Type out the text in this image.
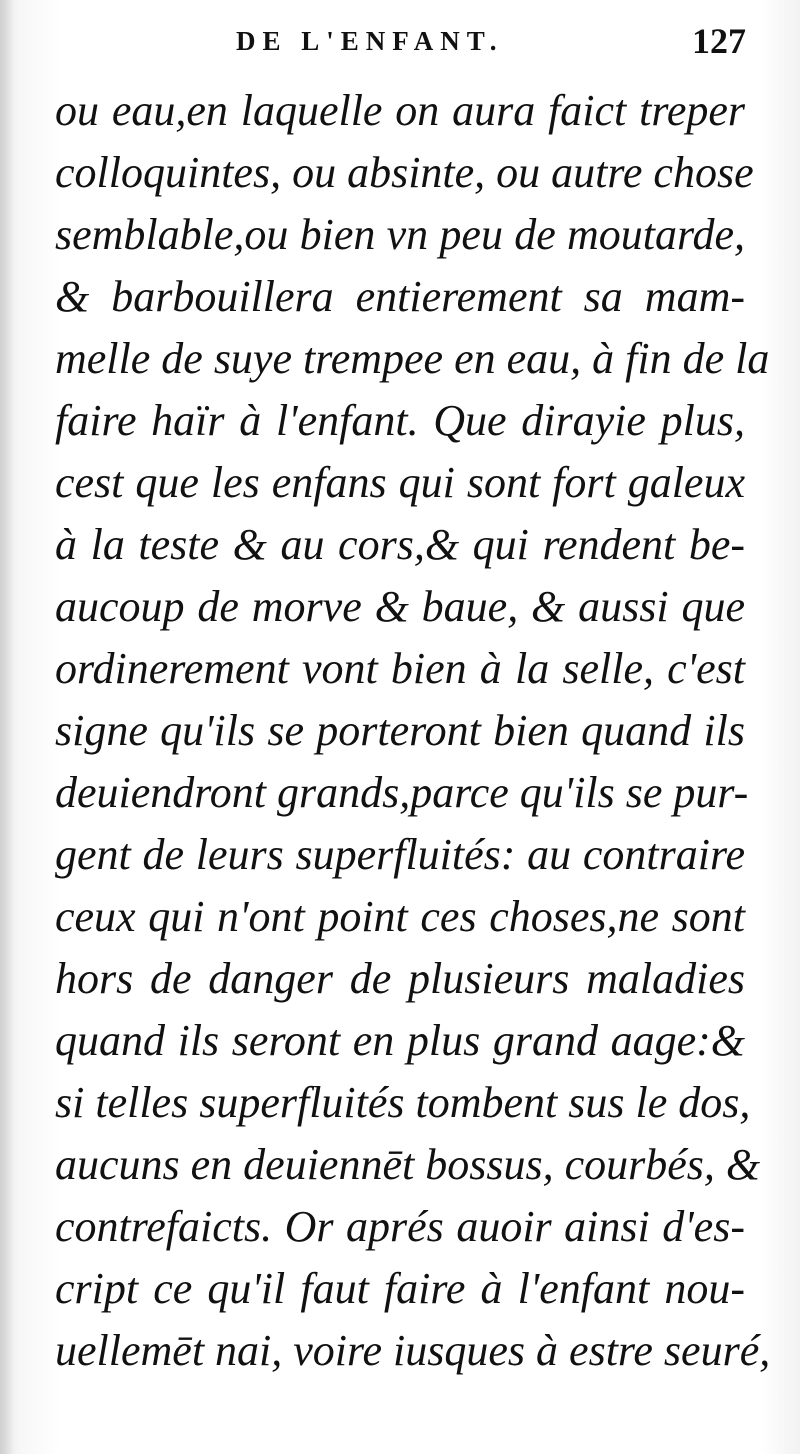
DE L'ENFANT.	127
ou eau,en laquelle on aura faict treper
colloquintes, ou absinte, ou autre chose
semblable,ou bien vn peu de moutarde,
& barbouillera entierement sa mam-
melle de suye trempee en eau, à fin de la
faire haïr à l'enfant. Que dirayie plus,
cest que les enfans qui sont fort galeux
à la teste & au cors,& qui rendent be-
aucoup de morve & baue, & aussi que
ordinerement vont bien à la selle, c'est
signe qu'ils se porteront bien quand ils
deuiendront grands,parce qu'ils se pur-
gent de leurs superfluités: au contraire
ceux qui n'ont point ces choses,ne sont
hors de danger de plusieurs maladies
quand ils seront en plus grand aage:&
si telles superfluités tombent sus le dos,
aucuns en deuiennēt bossus, courbés, &
contrefaicts. Or aprés auoir ainsi d'es-
cript ce qu'il faut faire à l'enfant nou-
uellemēt nai, voire iusques à estre seuré,
